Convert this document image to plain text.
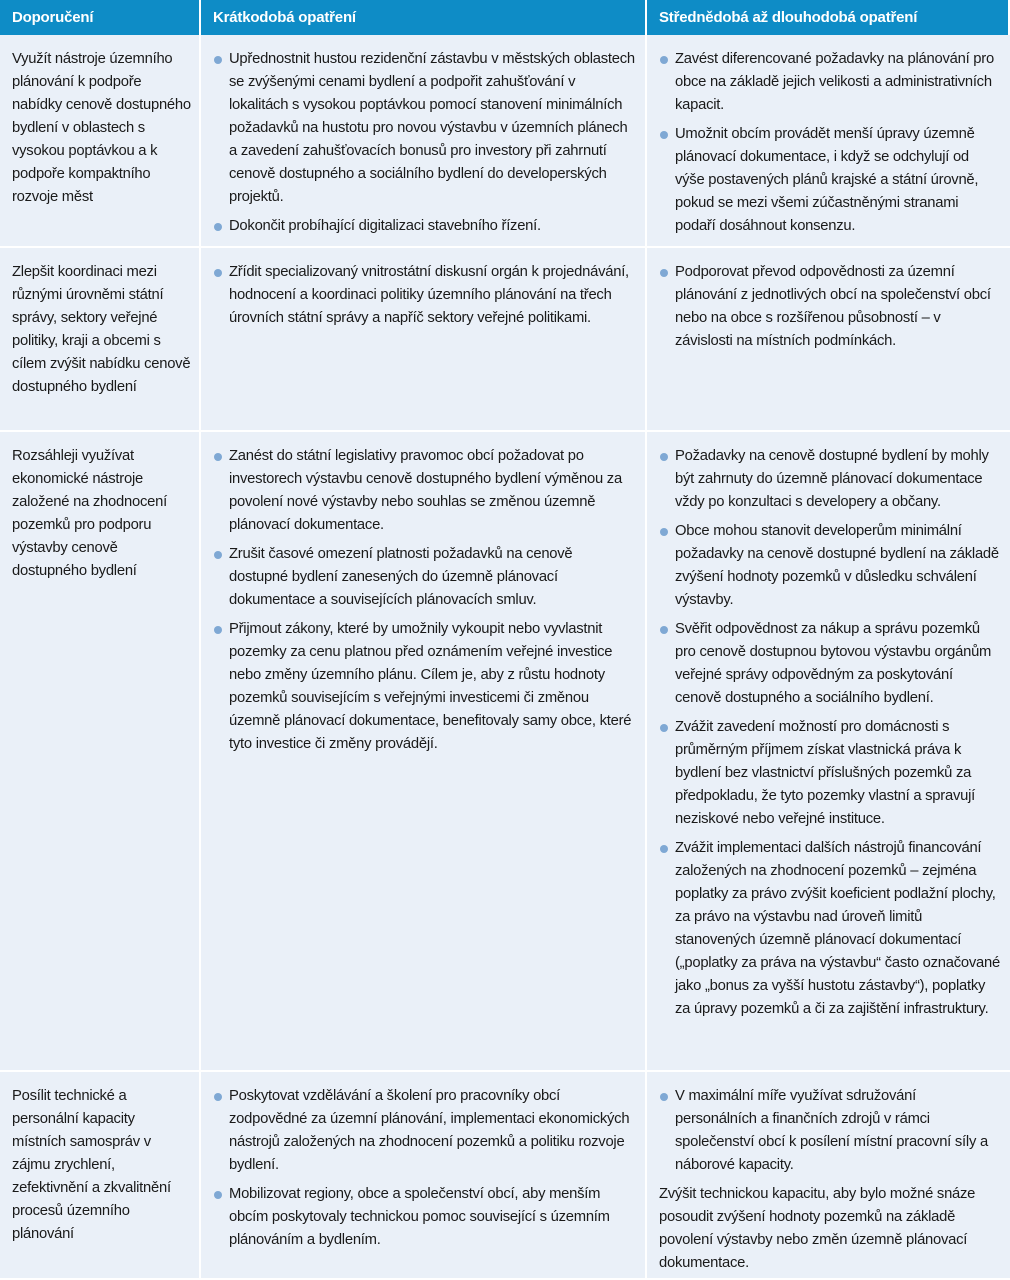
Doporučení	Krátkodobá opatření	Střednědobá až dlouhodobá opatření
Využít nástroje územního plánování k podpoře nabídky cenově dostupného bydlení v oblastech s vysokou poptávkou a k podpoře kompaktního rozvoje měst
Upřednostnit hustou rezidenční zástavbu v městských oblastech se zvýšenými cenami bydlení a podpořit zahušťování v lokalitách s vysokou poptávkou pomocí stanovení minimálních požadavků na hustotu pro novou výstavbu v územních plánech a zavedení zahušťovacích bonusů pro investory při zahrnutí cenově dostupného a sociálního bydlení do developerských projektů.
Dokončit probíhající digitalizaci stavebního řízení.
Zavést diferencované požadavky na plánování pro obce na základě jejich velikosti a administrativních kapacit.
Umožnit obcím provádět menší úpravy územně plánovací dokumentace, i když se odchylují od výše postavených plánů krajské a státní úrovně, pokud se mezi všemi zúčastněnými stranami podaří dosáhnout konsenzu.
Zlepšit koordinaci mezi různými úrovněmi státní správy, sektory veřejné politiky, kraji a obcemi s cílem zvýšit nabídku cenově dostupného bydlení
Zřídit specializovaný vnitrostátní diskusní orgán k projednávání, hodnocení a koordinaci politiky územního plánování na třech úrovních státní správy a napříč sektory veřejné politikami.
Podporovat převod odpovědnosti za územní plánování z jednotlivých obcí na společenství obcí nebo na obce s rozšířenou působností – v závislosti na místních podmínkách.
Rozsáhleji využívat ekonomické nástroje založené na zhodnocení pozemků pro podporu výstavby cenově dostupného bydlení
Zanést do státní legislativy pravomoc obcí požadovat po investorech výstavbu cenově dostupného bydlení výměnou za povolení nové výstavby nebo souhlas se změnou územně plánovací dokumentace.
Zrušit časové omezení platnosti požadavků na cenově dostupné bydlení zanesených do územně plánovací dokumentace a souvisejících plánovacích smluv.
Přijmout zákony, které by umožnily vykoupit nebo vyvlastnit pozemky za cenu platnou před oznámením veřejné investice nebo změny územního plánu. Cílem je, aby z růstu hodnoty pozemků souvisejícím s veřejnými investicemi či změnou územně plánovací dokumentace, benefitovaly samy obce, které tyto investice či změny provádějí.
Požadavky na cenově dostupné bydlení by mohly být zahrnuty do územně plánovací dokumentace vždy po konzultaci s developery a občany.
Obce mohou stanovit developerům minimální požadavky na cenově dostupné bydlení na základě zvýšení hodnoty pozemků v důsledku schválení výstavby.
Svěřit odpovědnost za nákup a správu pozemků pro cenově dostupnou bytovou výstavbu orgánům veřejné správy odpovědným za poskytování cenově dostupného a sociálního bydlení.
Zvážit zavedení možností pro domácnosti s průměrným příjmem získat vlastnická práva k bydlení bez vlastnictví příslušných pozemků za předpokladu, že tyto pozemky vlastní a spravují neziskové nebo veřejné instituce.
Zvážit implementaci dalších nástrojů financování založených na zhodnocení pozemků – zejména poplatky za právo zvýšit koeficient podlažní plochy, za právo na výstavbu nad úroveň limitů stanovených územně plánovací dokumentací („poplatky za práva na výstavbu“ často označované jako „bonus za vyšší hustotu zástavby“), poplatky za úpravy pozemků a či za zajištění infrastruktury.
Posílit technické a personální kapacity místních samospráv v zájmu zrychlení, zefektivnění a zkvalitnění procesů územního plánování
Poskytovat vzdělávání a školení pro pracovníky obcí zodpovědné za územní plánování, implementaci ekonomických nástrojů založených na zhodnocení pozemků a politiku rozvoje bydlení.
Mobilizovat regiony, obce a společenství obcí, aby menším obcím poskytovaly technickou pomoc související s územním plánováním a bydlením.
V maximální míře využívat sdružování personálních a finančních zdrojů v rámci společenství obcí k posílení místní pracovní síly a náborové kapacity.
Zvýšit technickou kapacitu, aby bylo možné snáze posoudit zvýšení hodnoty pozemků na základě povolení výstavby nebo změn územně plánovací dokumentace.
